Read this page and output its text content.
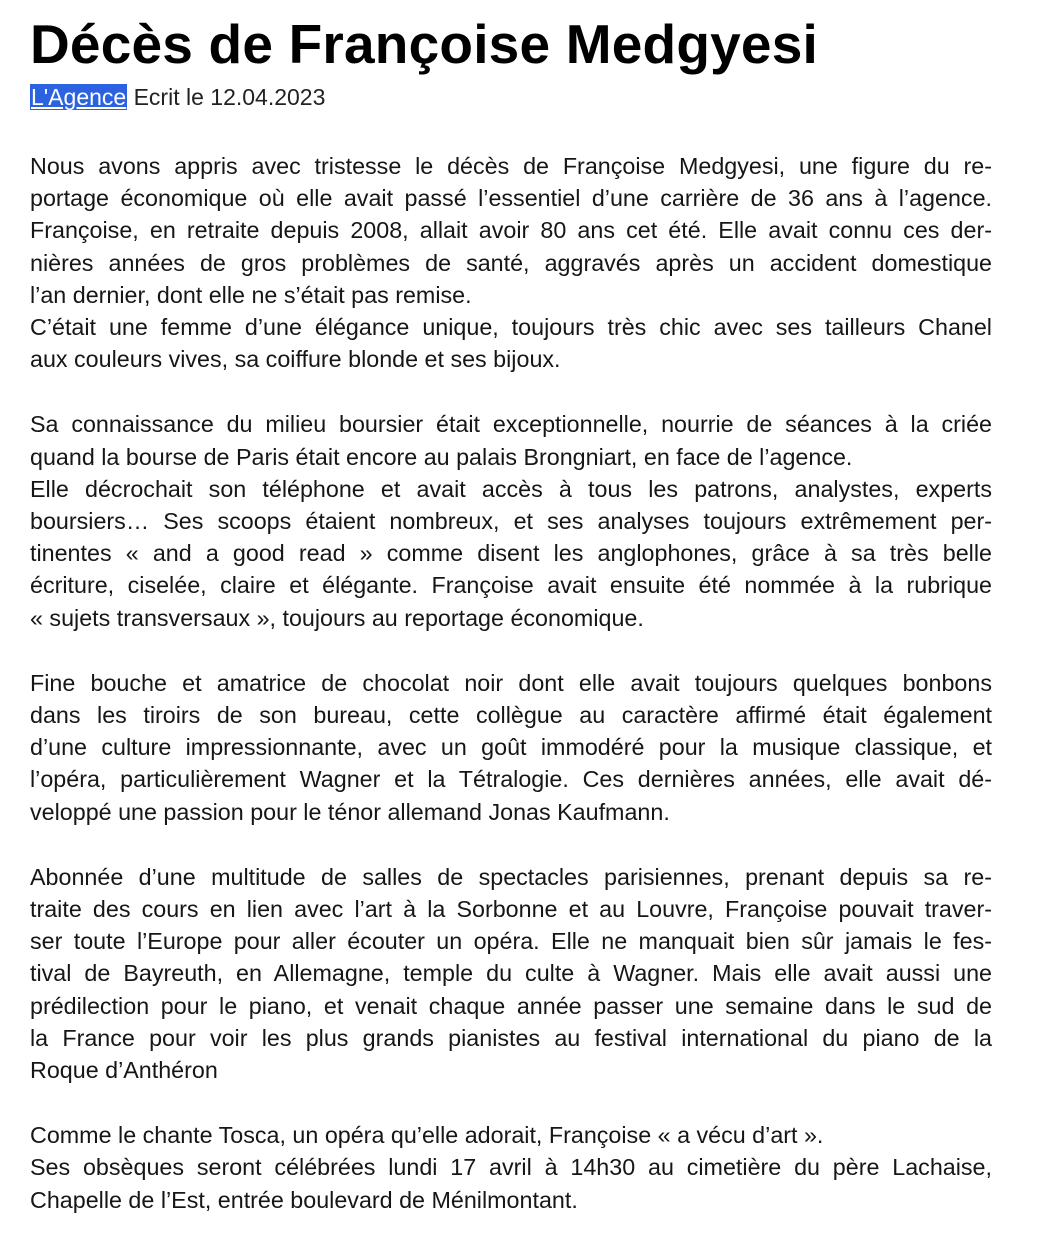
Décès de Françoise Medgyesi
L'Agence Ecrit le 12.04.2023

Nous avons appris avec tristesse le décès de Françoise Medgyesi, une figure du re-
portage économique où elle avait passé l’essentiel d’une carrière de 36 ans à l’agence.
Françoise, en retraite depuis 2008, allait avoir 80 ans cet été. Elle avait connu ces der-
nières années de gros problèmes de santé, aggravés après un accident domestique
l’an dernier, dont elle ne s’était pas remise.
C’était une femme d’une élégance unique, toujours très chic avec ses tailleurs Chanel
aux couleurs vives, sa coiffure blonde et ses bijoux.

Sa connaissance du milieu boursier était exceptionnelle, nourrie de séances à la criée
quand la bourse de Paris était encore au palais Brongniart, en face de l’agence.
Elle décrochait son téléphone et avait accès à tous les patrons, analystes, experts
boursiers… Ses scoops étaient nombreux, et ses analyses toujours extrêmement per-
tinentes « and a good read » comme disent les anglophones, grâce à sa très belle
écriture, ciselée, claire et élégante. Françoise avait ensuite été nommée à la rubrique
« sujets transversaux », toujours au reportage économique.

Fine bouche et amatrice de chocolat noir dont elle avait toujours quelques bonbons
dans les tiroirs de son bureau, cette collègue au caractère affirmé était également
d’une culture impressionnante, avec un goût immodéré pour la musique classique, et
l’opéra, particulièrement Wagner et la Tétralogie. Ces dernières années, elle avait dé-
veloppé une passion pour le ténor allemand Jonas Kaufmann.

Abonnée d’une multitude de salles de spectacles parisiennes, prenant depuis sa re-
traite des cours en lien avec l’art à la Sorbonne et au Louvre, Françoise pouvait traver-
ser toute l’Europe pour aller écouter un opéra. Elle ne manquait bien sûr jamais le fes-
tival de Bayreuth, en Allemagne, temple du culte à Wagner. Mais elle avait aussi une
prédilection pour le piano, et venait chaque année passer une semaine dans le sud de
la France pour voir les plus grands pianistes au festival international du piano de la
Roque d’Anthéron

Comme le chante Tosca, un opéra qu’elle adorait, Françoise « a vécu d’art ».
Ses obsèques seront célébrées lundi 17 avril à 14h30 au cimetière du père Lachaise,
Chapelle de l’Est, entrée boulevard de Ménilmontant.
